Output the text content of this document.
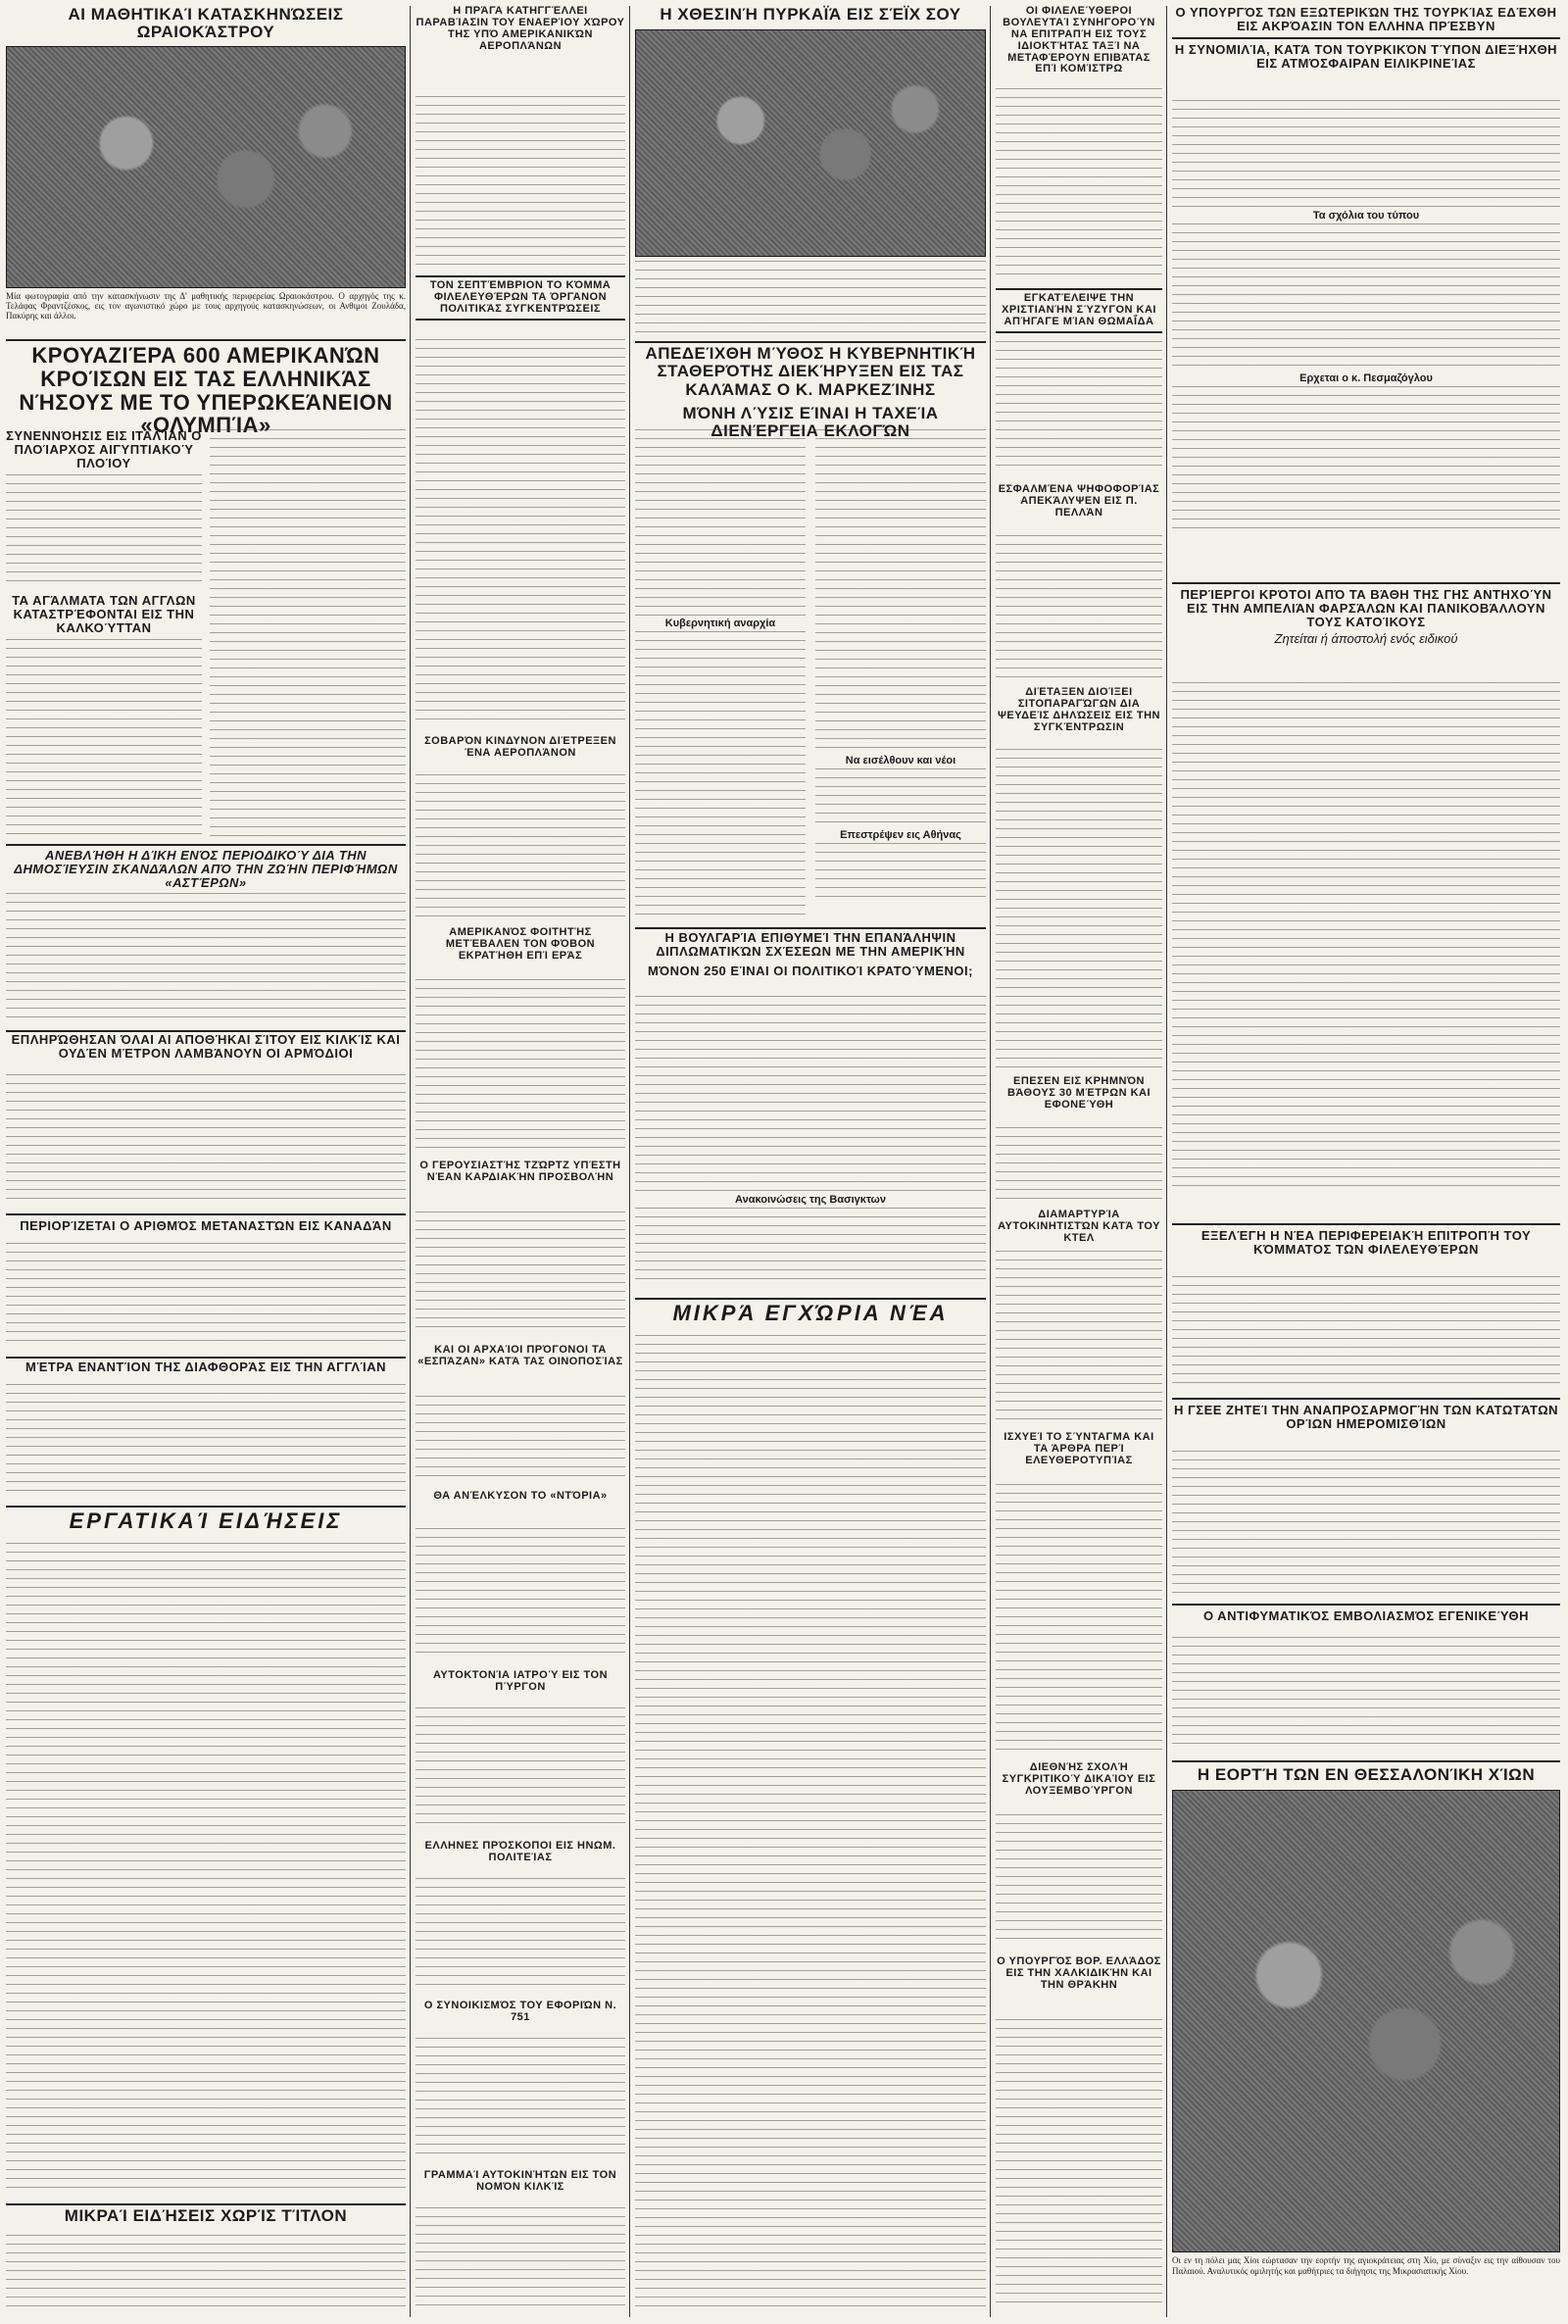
ΑΙ ΜΑΘΗΤΙΚΑΊ ΚΑΤΑΣΚΗΝΏΣΕΙΣ ΩΡΑΙΟΚΆΣΤΡΟΥ
Μία φωτογραφία από την κατασκήνωσιν της Δ' μαθητικής περιφερείας Ωραιοκάστρου. Ο αρχηγός της κ. Τελάφας Φραντζέσκος, εις τον αγωνιστικό χώρο με τους αρχηγούς κατασκηνώσεων, οι Ανθιμοι Ζουλάδα, Πακύρης και άλλοι.
ΚΡΟΥΑΖΙΈΡΑ 600 ΑΜΕΡΙΚΑΝΏΝ ΚΡΟΊΣΩΝ ΕΙΣ ΤΑΣ ΕΛΛΗΝΙΚΆΣ ΝΉΣΟΥΣ ΜΕ ΤΟ ΥΠΕΡΩΚΕΆΝΕΙΟΝ «ΟΛΥΜΠΊΑ»
ΣΥΝΕΝΝΌΗΣΙΣ ΕΙΣ ΙΤΑΛΊΑΝ Ο ΠΛΟΊΑΡΧΟΣ ΑΙΓΥΠΤΙΑΚΟΎ ΠΛΟΊΟΥ
ΤΑ ΑΓΆΛΜΑΤΑ ΤΩΝ ΑΓΓΛΩΝ ΚΑΤΑΣΤΡΈΦΟΝΤΑΙ ΕΙΣ ΤΗΝ ΚΑΛΚΟΎΤΤΑΝ
ΑΝΕΒΛΉΘΗ Η ΔΊΚΗ ΕΝΌΣ ΠΕΡΙΟΔΙΚΟΎ ΔΙΑ ΤΗΝ ΔΗΜΟΣΊΕΥΣΙΝ ΣΚΑΝΔΆΛΩΝ ΑΠΌ ΤΗΝ ΖΩΉΝ ΠΕΡΙΦΉΜΩΝ «ΑΣΤΈΡΩΝ»
ΕΠΛΗΡΏΘΗΣΑΝ ΌΛΑΙ ΑΙ ΑΠΟΘΉΚΑΙ ΣΊΤΟΥ ΕΙΣ ΚΙΛΚΊΣ ΚΑΙ ΟΥΔΈΝ ΜΈΤΡΟΝ ΛΑΜΒΆΝΟΥΝ ΟΙ ΑΡΜΌΔΙΟΙ
ΠΕΡΙΟΡΊΖΕΤΑΙ Ο ΑΡΙΘΜΌΣ ΜΕΤΑΝΑΣΤΏΝ ΕΙΣ ΚΑΝΑΔΆΝ
ΜΈΤΡΑ ΕΝΑΝΤΊΟΝ ΤΗΣ ΔΙΑΦΘΟΡΆΣ ΕΙΣ ΤΗΝ ΑΓΓΛΊΑΝ
ΕΡΓΑΤΙΚΑΊ ΕΙΔΉΣΕΙΣ
ΜΙΚΡΑΊ ΕΙΔΉΣΕΙΣ ΧΩΡΊΣ ΤΊΤΛΟΝ
Η ΠΡΆΓΑ ΚΑΤΗΓΓΈΛΛΕΙ ΠΑΡΑΒΊΑΣΙΝ ΤΟΥ ΕΝΑΕΡΊΟΥ ΧΏΡΟΥ ΤΗΣ ΥΠΌ ΑΜΕΡΙΚΑΝΙΚΏΝ ΑΕΡΟΠΛΆΝΩΝ
ΤΟΝ ΣΕΠΤΈΜΒΡΙΟΝ ΤΟ ΚΌΜΜΑ ΦΙΛΕΛΕΥΘΈΡΩΝ ΤΑ ΌΡΓΑΝΟΝ ΠΟΛΙΤΙΚΆΣ ΣΥΓΚΕΝΤΡΏΣΕΙΣ
ΣΟΒΑΡΌΝ ΚΙΝΔΥΝΟΝ ΔΙΈΤΡΕΞΕΝ ΈΝΑ ΑΕΡΟΠΛΆΝΟΝ
ΑΜΕΡΙΚΑΝΌΣ ΦΟΙΤΗΤΉΣ ΜΕΤΈΒΑΛΕΝ ΤΟΝ ΦΌΒΟΝ ΕΚΡΑΤΉΘΗ ΕΠΊ ΕΡΆΣ
Ο ΓΕΡΟΥΣΙΑΣΤΉΣ ΤΖΏΡΤΖ ΥΠΈΣΤΗ ΝΈΑΝ ΚΑΡΔΙΑΚΉΝ ΠΡΟΣΒΟΛΉΝ
ΚΑΙ ΟΙ ΑΡΧΑΊΟΙ ΠΡΌΓΟΝΟΙ ΤΑ «ΕΣΠΆΖΑΝ» ΚΑΤΆ ΤΑΣ ΟΙΝΟΠΟΣΊΑΣ
ΘΑ ΑΝΈΛΚΥΣΟΝ ΤΟ «ΝΤΌΡΙΑ»
ΑΥΤΟΚΤΟΝΊΑ ΙΑΤΡΟΎ ΕΙΣ ΤΟΝ ΠΎΡΓΟΝ
ΕΛΛΗΝΕΣ ΠΡΌΣΚΟΠΟΙ ΕΙΣ ΗΝΩΜ. ΠΟΛΙΤΕΊΑΣ
Ο ΣΥΝΟΙΚΙΣΜΌΣ ΤΟΥ ΕΦΟΡΙΏΝ Ν. 751
ΓΡΑΜΜΑΊ ΑΥΤΟΚΙΝΉΤΩΝ ΕΙΣ ΤΟΝ ΝΟΜΌΝ ΚΙΛΚΊΣ
Η ΧΘΕΣΙΝΉ ΠΥΡΚΑΪΆ ΕΙΣ ΣΈΪΧ ΣΟΥ
ΑΠΕΔΕΊΧΘΗ ΜΎΘΟΣ Η ΚΥΒΕΡΝΗΤΙΚΉ ΣΤΑΘΕΡΌΤΗΣ ΔΙΕΚΉΡΥΞΕΝ ΕΙΣ ΤΑΣ ΚΑΛΆΜΑΣ Ο Κ. ΜΑΡΚΕΖΊΝΗΣ
ΜΌΝΗ ΛΎΣΙΣ ΕΊΝΑΙ Η ΤΑΧΕΊΑ ΔΙΕΝΈΡΓΕΙΑ ΕΚΛΟΓΏΝ
Κυβερνητική αναρχία
Να εισέλθουν και νέοι
Επεστρέψεν εις Αθήνας
Η ΒΟΥΛΓΑΡΊΑ ΕΠΙΘΥΜΕΊ ΤΗΝ ΕΠΑΝΆΛΗΨΙΝ ΔΙΠΛΩΜΑΤΙΚΏΝ ΣΧΈΣΕΩΝ ΜΕ ΤΗΝ ΑΜΕΡΙΚΉΝ
ΜΌΝΟΝ 250 ΕΊΝΑΙ ΟΙ ΠΟΛΙΤΙΚΟΊ ΚΡΑΤΟΎΜΕΝΟΙ;
Ανακοινώσεις της Βασιγκτων
ΜΙΚΡΆ ΕΓΧΏΡΙΑ ΝΈΑ
ΟΙ ΦΙΛΕΛΕΎΘΕΡΟΙ ΒΟΥΛΕΥΤΑΊ ΣΥΝΗΓΟΡΟΎΝ ΝΑ ΕΠΙΤΡΑΠΉ ΕΙΣ ΤΟΥΣ ΙΔΙΟΚΤΉΤΑΣ ΤΑΞΊ ΝΑ ΜΕΤΑΦΈΡΟΥΝ ΕΠΙΒΆΤΑΣ ΕΠΊ ΚΟΜΊΣΤΡΩ
ΕΓΚΑΤΈΛΕΙΨΕ ΤΗΝ ΧΡΙΣΤΙΑΝΉΝ ΣΎΖΥΓΟΝ ΚΑΙ ΑΠΉΓΑΓΕ ΜΊΑΝ ΘΩΜΑΪ́ΔΑ
ΕΣΦΑΛΜΈΝΑ ΨΗΦΟΦΟΡΊΑΣ ΑΠΕΚΆΛΥΨΕΝ ΕΙΣ Π. ΠΕΛΛΆΝ
ΔΙΈΤΑΞΕΝ ΔΙΟΊΞΕΙ ΣΙΤΟΠΑΡΑΓΏΓΩΝ ΔΙΑ ΨΕΥΔΕΊΣ ΔΗΛΏΣΕΙΣ ΕΙΣ ΤΗΝ ΣΥΓΚΈΝΤΡΩΣΙΝ
ΕΠΕΣΕΝ ΕΙΣ ΚΡΗΜΝΌΝ ΒΆΘΟΥΣ 30 ΜΈΤΡΩΝ ΚΑΙ ΕΦΟΝΕΎΘΗ
ΔΙΑΜΑΡΤΥΡΊΑ ΑΥΤΟΚΙΝΗΤΙΣΤΏΝ ΚΑΤΆ ΤΟΥ ΚΤΕΛ
ΙΣΧΥΕΊ ΤΟ ΣΎΝΤΑΓΜΑ ΚΑΙ ΤΑ ΆΡΘΡΑ ΠΕΡΊ ΕΛΕΥΘΕΡΟΤΥΠΊΑΣ
ΔΙΕΘΝΉΣ ΣΧΟΛΉ ΣΥΓΚΡΙΤΙΚΟΎ ΔΙΚΑΊΟΥ ΕΙΣ ΛΟΥΞΕΜΒΟΎΡΓΟΝ
Ο ΥΠΟΥΡΓΌΣ ΒΟΡ. ΕΛΛΆΔΟΣ ΕΙΣ ΤΗΝ ΧΑΛΚΙΔΙΚΉΝ ΚΑΙ ΤΗΝ ΘΡΆΚΗΝ
Ο ΥΠΟΥΡΓΌΣ ΤΩΝ ΕΞΩΤΕΡΙΚΏΝ ΤΗΣ ΤΟΥΡΚΊΑΣ ΕΔΈΧΘΗ ΕΙΣ ΑΚΡΌΑΣΙΝ ΤΟΝ ΕΛΛΗΝΑ ΠΡΈΣΒΥΝ
Η ΣΥΝΟΜΙΛΊΑ, ΚΑΤΆ ΤΟΝ ΤΟΥΡΚΙΚΌΝ ΤΎΠΟΝ ΔΙΕΞΉΧΘΗ ΕΙΣ ΑΤΜΌΣΦΑΙΡΑΝ ΕΙΛΙΚΡΙΝΕΊΑΣ
Τα σχόλια του τύπου
Ερχεται ο κ. Πεσμαζόγλου
ΠΕΡΊΕΡΓΟΙ ΚΡΌΤΟΙ ΑΠΌ ΤΑ ΒΆΘΗ ΤΗΣ ΓΗΣ ΑΝΤΗΧΟΎΝ ΕΙΣ ΤΗΝ ΑΜΠΕΛΙΆΝ ΦΑΡΣΆΛΩΝ ΚΑΙ ΠΑΝΙΚΟΒΆΛΛΟΥΝ ΤΟΥΣ ΚΑΤΟΊΚΟΥΣ
Ζητείται ή άποστολή ενός ειδικού
ΕΞΕΛΈΓΗ Η ΝΈΑ ΠΕΡΙΦΕΡΕΙΑΚΉ ΕΠΙΤΡΟΠΉ ΤΟΥ ΚΌΜΜΑΤΟΣ ΤΩΝ ΦΙΛΕΛΕΥΘΈΡΩΝ
Η ΓΣΕΕ ΖΗΤΕΊ ΤΗΝ ΑΝΑΠΡΟΣΑΡΜΟΓΉΝ ΤΩΝ ΚΑΤΩΤΆΤΩΝ ΟΡΊΩΝ ΗΜΕΡΟΜΙΣΘΊΩΝ
Ο ΑΝΤΙΦΥΜΑΤΙΚΌΣ ΕΜΒΟΛΙΑΣΜΌΣ ΕΓΕΝΙΚΕΎΘΗ
Η ΕΟΡΤΉ ΤΩΝ ΕΝ ΘΕΣΣΑΛΟΝΊΚΗ ΧΊΩΝ
Οι εν τη πόλει μας Χίοι εώρτασαν την εορτήν της αγιοκράτειας στη Χίο, με σύναξιν εις την αίθουσαν του Παλαιού. Αναλυτικός ομιλητής και μαθήτριες τα διήγησις της Μικρασιατικής Χίου.
